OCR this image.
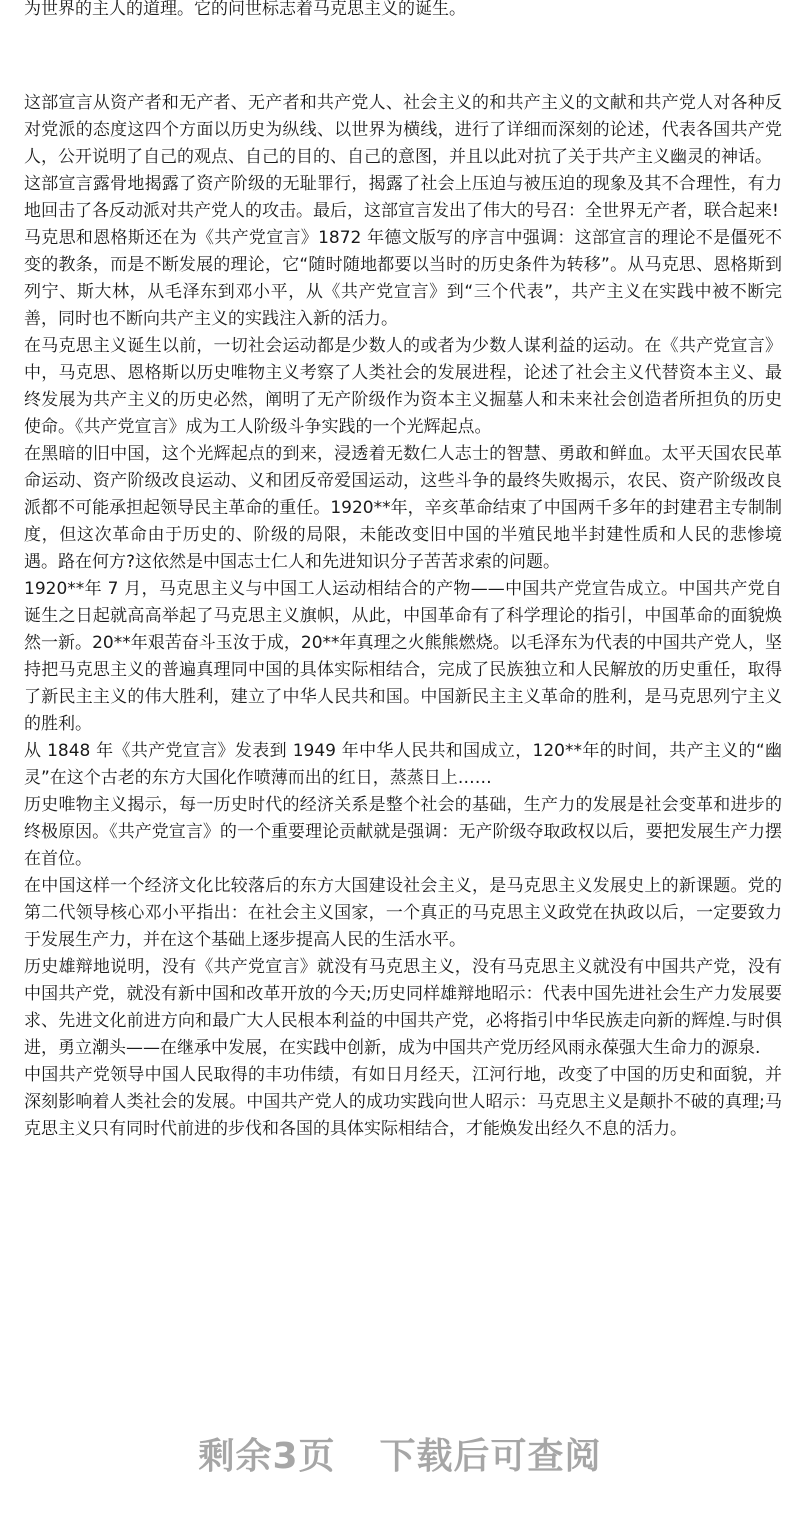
为世界的主人的道理。它的问世标志着马克思主义的诞生。

这部宣言从资产者和无产者、无产者和共产党人、社会主义的和共产主义的文献和共产党人对各种反对党派的态度这四个方面以历史为纵线、以世界为横线，进行了详细而深刻的论述，代表各国共产党人，公开说明了自己的观点、自己的目的、自己的意图，并且以此对抗了关于共产主义幽灵的神话。

这部宣言露骨地揭露了资产阶级的无耻罪行，揭露了社会上压迫与被压迫的现象及其不合理性，有力地回击了各反动派对共产党人的攻击。最后，这部宣言发出了伟大的号召：全世界无产者，联合起来!

马克思和恩格斯还在为《共产党宣言》1872 年德文版写的序言中强调：这部宣言的理论不是僵死不变的教条，而是不断发展的理论，它“随时随地都要以当时的历史条件为转移”。从马克思、恩格斯到列宁、斯大林，从毛泽东到邓小平，从《共产党宣言》到“三个代表”，共产主义在实践中被不断完善，同时也不断向共产主义的实践注入新的活力。

在马克思主义诞生以前，一切社会运动都是少数人的或者为少数人谋利益的运动。在《共产党宣言》中，马克思、恩格斯以历史唯物主义考察了人类社会的发展进程，论述了社会主义代替资本主义、最终发展为共产主义的历史必然，阐明了无产阶级作为资本主义掘墓人和未来社会创造者所担负的历史使命。《共产党宣言》成为工人阶级斗争实践的一个光辉起点。

在黑暗的旧中国，这个光辉起点的到来，浸透着无数仁人志士的智慧、勇敢和鲜血。太平天国农民革命运动、资产阶级改良运动、义和团反帝爱国运动，这些斗争的最终失败揭示，农民、资产阶级改良派都不可能承担起领导民主革命的重任。1920**年，辛亥革命结束了中国两千多年的封建君主专制制度，但这次革命由于历史的、阶级的局限，未能改变旧中国的半殖民地半封建性质和人民的悲惨境遇。路在何方?这依然是中国志士仁人和先进知识分子苦苦求索的问题。

1920**年 7 月，马克思主义与中国工人运动相结合的产物——中国共产党宣告成立。中国共产党自诞生之日起就高高举起了马克思主义旗帜，从此，中国革命有了科学理论的指引，中国革命的面貌焕然一新。20**年艰苦奋斗玉汝于成，20**年真理之火熊熊燃烧。以毛泽东为代表的中国共产党人，坚持把马克思主义的普遍真理同中国的具体实际相结合，完成了民族独立和人民解放的历史重任，取得了新民主主义的伟大胜利，建立了中华人民共和国。中国新民主主义革命的胜利，是马克思列宁主义的胜利。

从 1848 年《共产党宣言》发表到 1949 年中华人民共和国成立，120**年的时间，共产主义的“幽灵”在这个古老的东方大国化作喷薄而出的红日，蒸蒸日上……

历史唯物主义揭示，每一历史时代的经济关系是整个社会的基础，生产力的发展是社会变革和进步的终极原因。《共产党宣言》的一个重要理论贡献就是强调：无产阶级夺取政权以后，要把发展生产力摆在首位。

在中国这样一个经济文化比较落后的东方大国建设社会主义，是马克思主义发展史上的新课题。党的第二代领导核心邓小平指出：在社会主义国家，一个真正的马克思主义政党在执政以后，一定要致力于发展生产力，并在这个基础上逐步提高人民的生活水平。

历史雄辩地说明，没有《共产党宣言》就没有马克思主义，没有马克思主义就没有中国共产党，没有中国共产党，就没有新中国和改革开放的今天;历史同样雄辩地昭示：代表中国先进社会生产力发展要求、先进文化前进方向和最广大人民根本利益的中国共产党，必将指引中华民族走向新的辉煌.与时俱进，勇立潮头——在继承中发展，在实践中创新，成为中国共产党历经风雨永葆强大生命力的源泉.

中国共产党领导中国人民取得的丰功伟绩，有如日月经天，江河行地，改变了中国的历史和面貌，并深刻影响着人类社会的发展。中国共产党人的成功实践向世人昭示：马克思主义是颠扑不破的真理;马克思主义只有同时代前进的步伐和各国的具体实际相结合，才能焕发出经久不息的活力。

剩余3页 下载后可查阅
